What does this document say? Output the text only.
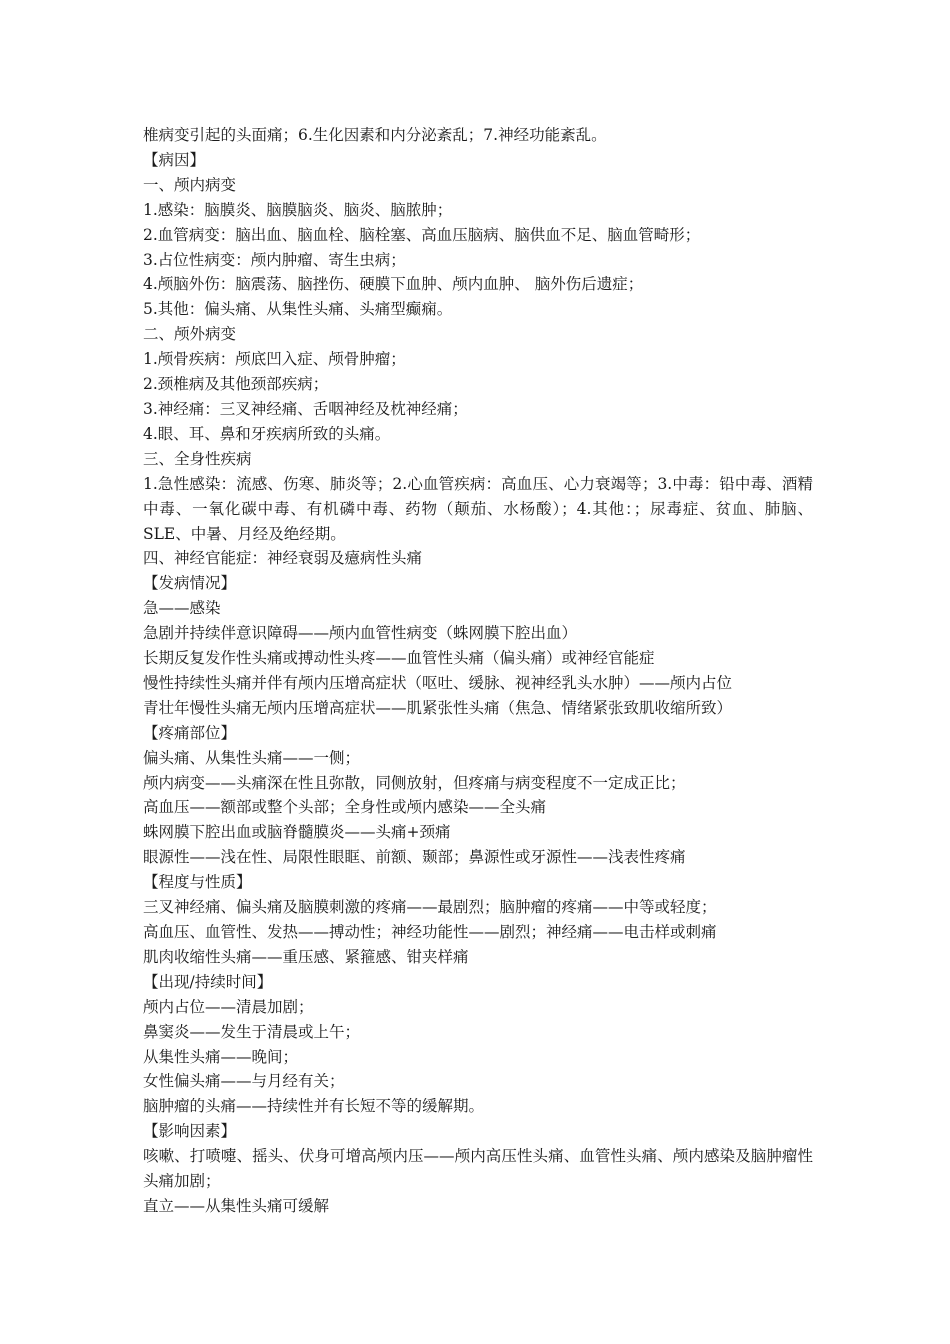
椎病变引起的头面痛；6.生化因素和内分泌紊乱；7.神经功能紊乱。

【病因】

一、颅内病变

1.感染：脑膜炎、脑膜脑炎、脑炎、脑脓肿；

2.血管病变：脑出血、脑血栓、脑栓塞、高血压脑病、脑供血不足、脑血管畸形；

3.占位性病变：颅内肿瘤、寄生虫病；

4.颅脑外伤：脑震荡、脑挫伤、硬膜下血肿、颅内血肿、 脑外伤后遗症；

5.其他：偏头痛、从集性头痛、头痛型癫痫。

二、颅外病变

1.颅骨疾病：颅底凹入症、颅骨肿瘤；

2.颈椎病及其他颈部疾病；

3.神经痛：三叉神经痛、舌咽神经及枕神经痛；

4.眼、耳、鼻和牙疾病所致的头痛。

三、全身性疾病

1.急性感染：流感、伤寒、肺炎等；2.心血管疾病：高血压、心力衰竭等；3.中毒：铅中毒、酒精中毒、一氧化碳中毒、有机磷中毒、药物（颠茄、水杨酸）；4.其他：；尿毒症、贫血、肺脑、SLE、中暑、月经及绝经期。

四、神经官能症：神经衰弱及癔病性头痛

【发病情况】

急——感染

急剧并持续伴意识障碍——颅内血管性病变（蛛网膜下腔出血）

长期反复发作性头痛或搏动性头疼——血管性头痛（偏头痛）或神经官能症

慢性持续性头痛并伴有颅内压增高症状（呕吐、缓脉、视神经乳头水肿）——颅内占位

青壮年慢性头痛无颅内压增高症状——肌紧张性头痛（焦急、情绪紧张致肌收缩所致）

【疼痛部位】

偏头痛、从集性头痛——一侧；

颅内病变——头痛深在性且弥散，同侧放射，但疼痛与病变程度不一定成正比；

高血压——额部或整个头部；全身性或颅内感染——全头痛

蛛网膜下腔出血或脑脊髓膜炎——头痛+颈痛

眼源性——浅在性、局限性眼眶、前额、颞部；鼻源性或牙源性——浅表性疼痛

【程度与性质】

三叉神经痛、偏头痛及脑膜刺激的疼痛——最剧烈；脑肿瘤的疼痛——中等或轻度；

高血压、血管性、发热——搏动性；神经功能性——剧烈；神经痛——电击样或刺痛

肌肉收缩性头痛——重压感、紧箍感、钳夹样痛

【出现/持续时间】

颅内占位——清晨加剧；

鼻窦炎——发生于清晨或上午；

从集性头痛——晚间；

女性偏头痛——与月经有关；

脑肿瘤的头痛——持续性并有长短不等的缓解期。

【影响因素】

咳嗽、打喷嚏、摇头、伏身可增高颅内压——颅内高压性头痛、血管性头痛、颅内感染及脑肿瘤性头痛加剧；

直立——从集性头痛可缓解
